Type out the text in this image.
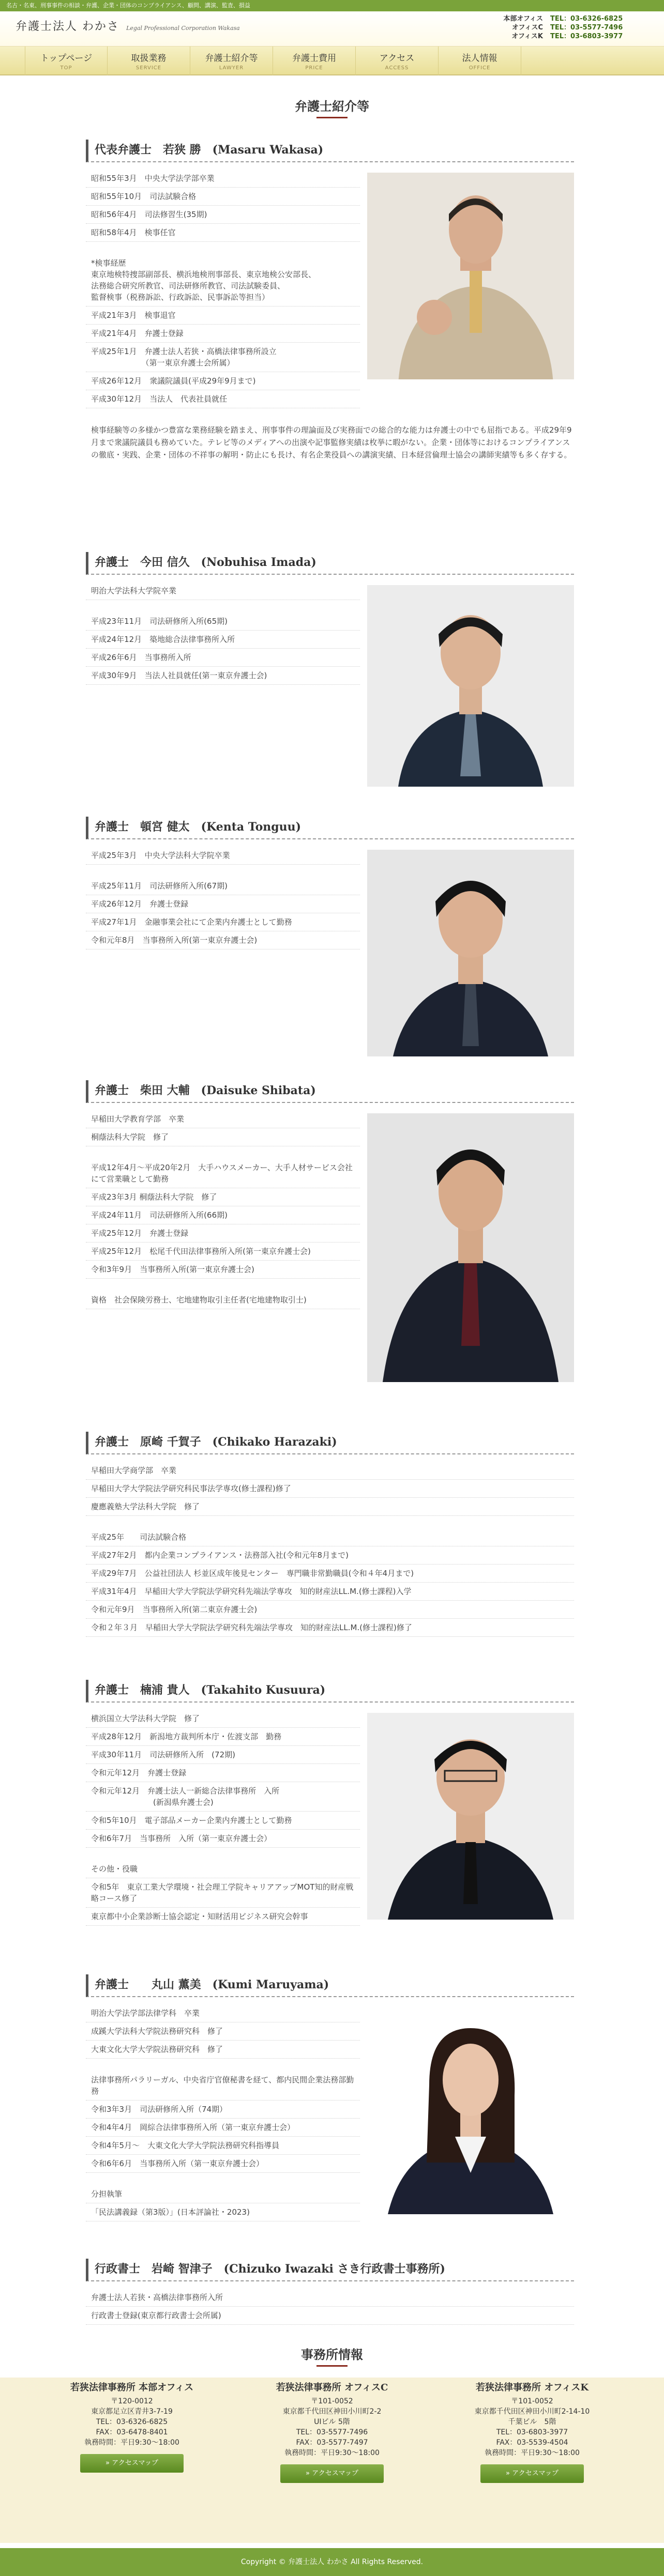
名古・名東、刑事事件の相談・弁護、企業・団体のコンプライアンス、顧問、講演、監査、損益
弁護士法人 わかさ Legal Professional Corporation Wakasa
本部オフィス	TEL：03-6326-6825
オフィスC	TEL：03-5577-7496
オフィスK	TEL：03-6803-3977
トップページ
TOP
取扱業務
SERVICE
弁護士紹介等
LAWYER
弁護士費用
PRICE
アクセス
ACCESS
法人情報
OFFICE
弁護士紹介等
代表弁護士　若狭 勝　(Masaru Wakasa)
昭和55年3月　中央大学法学部卒業
昭和55年10月　司法試験合格
昭和56年4月　司法修習生(35期)
昭和58年4月　検事任官
*検事経歴
東京地検特捜部副部長、横浜地検刑事部長、東京地検公安部長、
法務総合研究所教官、司法研修所教官、司法試験委員、
監督検事（税務訴訟、行政訴訟、民事訴訟等担当）
平成21年3月　検事退官
平成21年4月　弁護士登録
平成25年1月　弁護士法人若狭・高橋法律事務所設立
　　　　　　　（第一東京弁護士会所属）
平成26年12月　衆議院議員(平成29年9月まで)
平成30年12月　当法人　代表社員就任
検事経験等の多様かつ豊富な業務経験を踏まえ、刑事事件の理論面及び実務面での総合的な能力は弁護士の中でも屈指である。平成29年9月まで衆議院議員も務めていた。テレビ等のメディアへの出演や記事監修実績は枚挙に暇がない。企業・団体等におけるコンプライアンスの徹底・実践、企業・団体の不祥事の解明・防止にも長け、有名企業役員への講演実績、日本経営倫理士協会の講師実績等も多く存する。
弁護士　今田 信久　(Nobuhisa Imada)
明治大学法科大学院卒業
平成23年11月　司法研修所入所(65期)
平成24年12月　築地総合法律事務所入所
平成26年6月　当事務所入所
平成30年9月　当法人社員就任(第一東京弁護士会)
弁護士　頓宮 健太　(Kenta Tonguu)
平成25年3月　中央大学法科大学院卒業
平成25年11月　司法研修所入所(67期)
平成26年12月　弁護士登録
平成27年1月　金融事業会社にて企業内弁護士として勤務
令和元年8月　当事務所入所(第一東京弁護士会)
弁護士　柴田 大輔　(Daisuke Shibata)
早稲田大学教育学部　卒業
桐蔭法科大学院　修了
平成12年4月～平成20年2月　大手ハウスメーカー、大手人材サービス会社にて営業職として勤務
平成23年3月 桐蔭法科大学院　修了
平成24年11月　司法研修所入所(66期)
平成25年12月　弁護士登録
平成25年12月　松尾千代田法律事務所入所(第一東京弁護士会)
令和3年9月　当事務所入所(第一東京弁護士会)
資格　社会保険労務士、宅地建物取引主任者(宅地建物取引士)
弁護士　原崎 千賀子　(Chikako Harazaki)
早稲田大学商学部　卒業
早稲田大学大学院法学研究科民事法学専攻(修士課程)修了
慶應義塾大学法科大学院　修了
平成25年　　司法試験合格
平成27年2月　都内企業コンプライアンス・法務部入社(令和元年8月まで)
平成29年7月　公益社団法人 杉並区成年後見センター　専門職非常勤職員(令和４年4月まで)
平成31年4月　早稲田大学大学院法学研究科先端法学専攻　知的財産法LL.M.(修士課程)入学
令和元年9月　当事務所入所(第二東京弁護士会)
令和２年３月　早稲田大学大学院法学研究科先端法学専攻　知的財産法LL.M.(修士課程)修了
弁護士　楠浦 貴人　(Takahito Kusuura)
横浜国立大学法科大学院　修了
平成28年12月　新潟地方裁判所本庁・佐渡支部　勤務
平成30年11月　司法研修所入所　(72期)
令和元年12月　弁護士登録
令和元年12月　弁護士法人一新総合法律事務所　入所
　　　　　　　　(新潟県弁護士会)
令和5年10月　電子部品メーカー企業内弁護士として勤務
令和6年7月　当事務所　入所（第一東京弁護士会）
その他・役職
令和5年　東京工業大学環境・社会理工学院キャリアアップMOT知的財産戦略コース修了
東京都中小企業診断士協会認定・知財活用ビジネス研究会幹事
弁護士　　丸山 薫美　(Kumi Maruyama)
明治大学法学部法律学科　卒業
成蹊大学法科大学院法務研究科　修了
大東文化大学大学院法務研究科　修了
法律事務所パラリーガル、中央省庁官僚秘書を経て、都内民間企業法務部勤務
令和3年3月　司法研修所入所（74期）
令和4年4月　岡綜合法律事務所入所（第一東京弁護士会）
令和4年5月～　大東文化大学大学院法務研究科指導員
令和6年6月　当事務所入所（第一東京弁護士会）
分担執筆
「民法講義録（第3版）」(日本評論社・2023)
行政書士　岩崎 智津子　(Chizuko Iwazaki さき行政書士事務所)
弁護士法人若狭・高橋法律事務所入所
行政書士登録(東京都行政書士会所属)
事務所情報
若狭法律事務所 本部オフィス
〒120-0012
東京都足立区青井3-7-19
TEL：03-6326-6825
FAX：03-6478-8401
執務時間：平日9:30～18:00
» アクセスマップ
若狭法律事務所 オフィスC
〒101-0052
東京都千代田区神田小川町2-2
UIビル 5階
TEL：03-5577-7496
FAX：03-5577-7497
執務時間：平日9:30～18:00
» アクセスマップ
若狭法律事務所 オフィスK
〒101-0052
東京都千代田区神田小川町2-14-10
千葉ビル　5階
TEL：03-6803-3977
FAX：03-5539-4504
執務時間：平日9:30～18:00
» アクセスマップ
Copyright © 弁護士法人 わかさ All Rights Reserved.
